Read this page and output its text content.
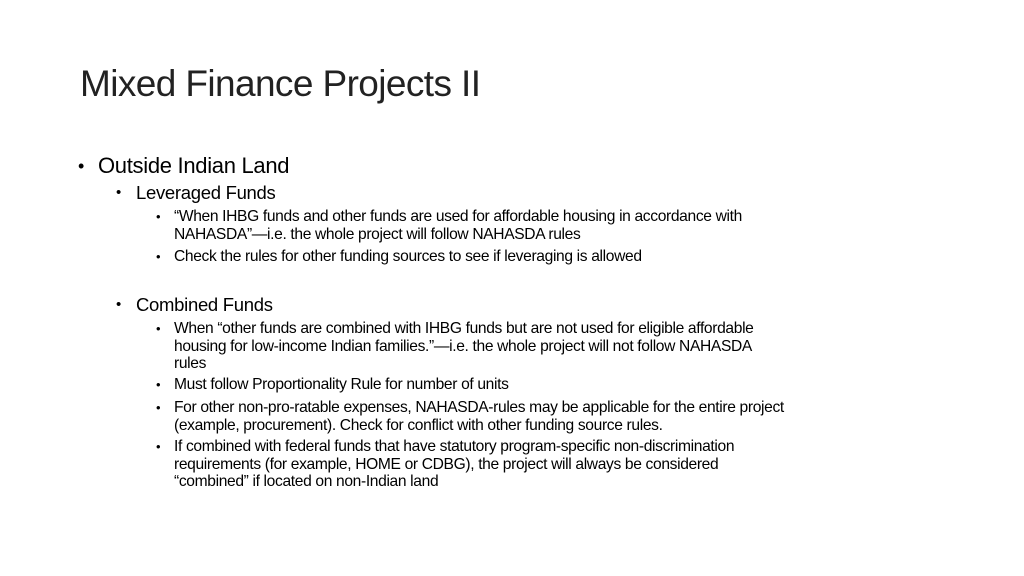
Mixed Finance Projects II
• Outside Indian Land
• Leveraged Funds
• “When IHBG funds and other funds are used for affordable housing in accordance with
NAHASDA”—i.e. the whole project will follow NAHASDA rules
• Check the rules for other funding sources to see if leveraging is allowed
• Combined Funds
• When “other funds are combined with IHBG funds but are not used for eligible affordable
housing for low-income Indian families.”—i.e. the whole project will not follow NAHASDA
rules
• Must follow Proportionality Rule for number of units
• For other non-pro-ratable expenses, NAHASDA-rules may be applicable for the entire project
(example, procurement). Check for conflict with other funding source rules.
• If combined with federal funds that have statutory program-specific non-discrimination
requirements (for example, HOME or CDBG), the project will always be considered
“combined” if located on non-Indian land
